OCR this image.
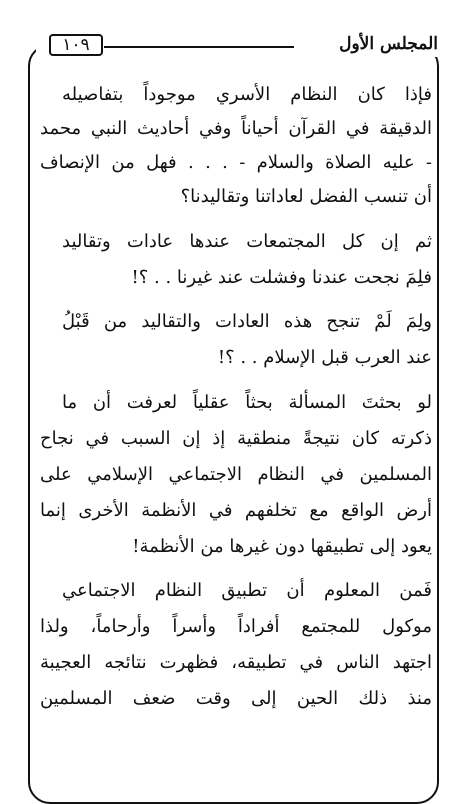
١٠٩	المجلس الأول
فإذا كان النظام الأسري موجوداً بتفاصيله
الدقيقة في القرآن أحياناً وفي أحاديث النبي محمد
- عليه الصلاة والسلام - . . . فهل من الإنصاف
أن تنسب الفضل لعاداتنا وتقاليدنا؟
ثم إن كل المجتمعات عندها عادات وتقاليد
فلِمَ نجحت عندنا وفشلت عند غيرنا . . ؟!
ولِمَ لَمْ تنجح هذه العادات والتقاليد من قَبْلُ
عند العرب قبل الإسلام . . ؟!
لو بحثتَ المسألة بحثاً عقلياً لعرفت أن ما
ذكرته كان نتيجةً منطقية إذ إن السبب في نجاح
المسلمين في النظام الاجتماعي الإسلامي على
أرض الواقع مع تخلفهم في الأنظمة الأخرى إنما
يعود إلى تطبيقها دون غيرها من الأنظمة!
فَمن المعلوم أن تطبيق النظام الاجتماعي
موكول للمجتمع أفراداً وأسراً وأرحاماً، ولذا
اجتهد الناس في تطبيقه، فظهرت نتائجه العجيبة
منذ ذلك الحين إلى وقت ضعف المسلمين
